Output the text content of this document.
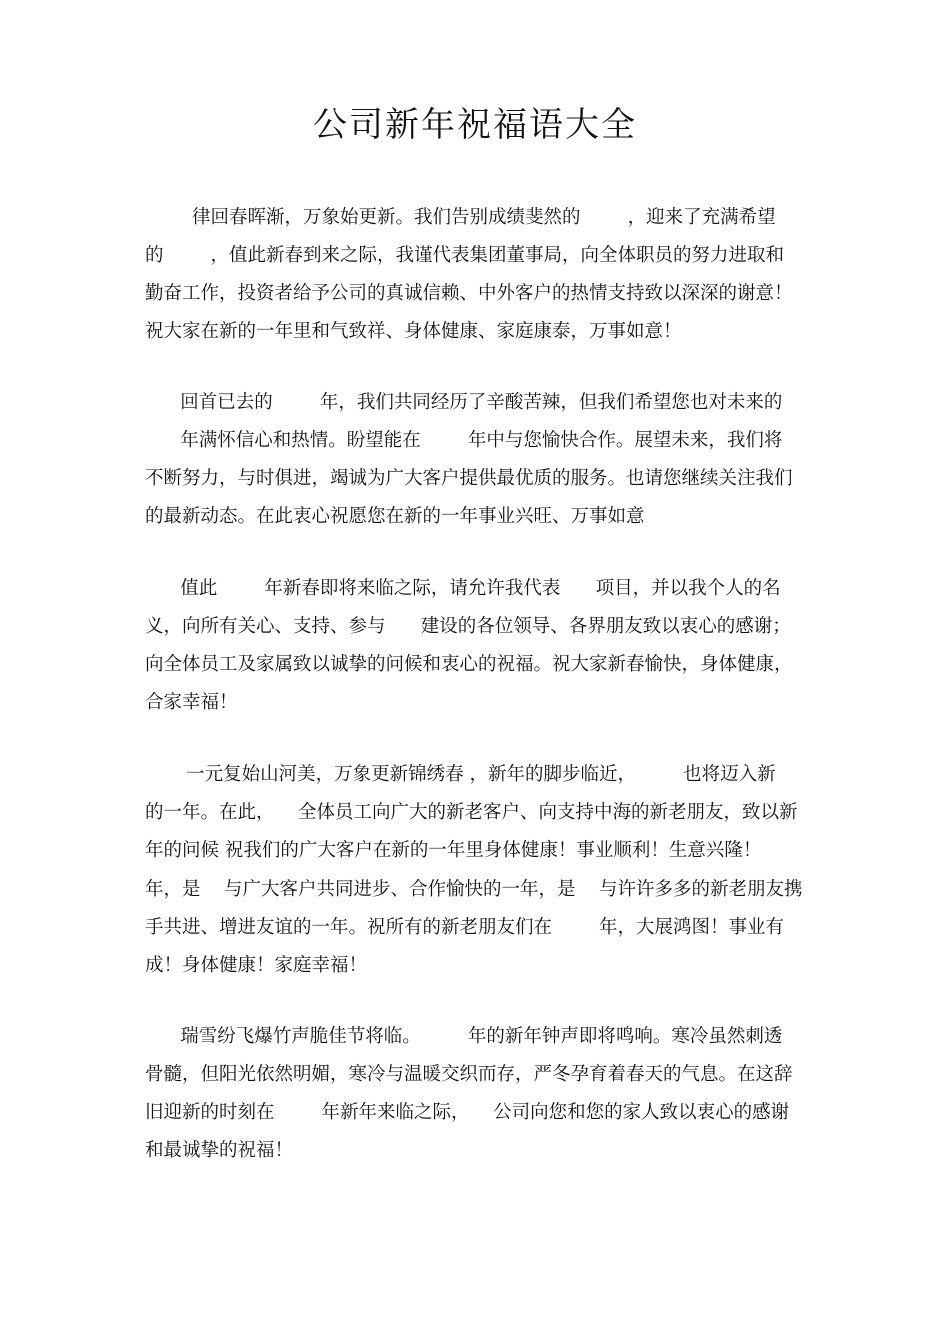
公司新年祝福语大全

律回春晖渐，万象始更新。我们告别成绩斐然的        ，迎来了充满希望

的        ，值此新春到来之际，我谨代表集团董事局，向全体职员的努力进取和

勤奋工作，投资者给予公司的真诚信赖、中外客户的热情支持致以深深的谢意！

祝大家在新的一年里和气致祥、身体健康、家庭康泰，万事如意！

回首已去的        年，我们共同经历了辛酸苦辣，但我们希望您也对未来的

年满怀信心和热情。盼望能在        年中与您愉快合作。展望未来，我们将

不断努力，与时俱进，竭诚为广大客户提供最优质的服务。也请您继续关注我们

的最新动态。在此衷心祝愿您在新的一年事业兴旺、万事如意

值此        年新春即将来临之际，请允许我代表      项目，并以我个人的名

义，向所有关心、支持、参与      建设的各位领导、各界朋友致以衷心的感谢；

向全体员工及家属致以诚挚的问候和衷心的祝福。祝大家新春愉快，身体健康，

合家幸福！

一元复始山河美，万象更新锦绣春 ，新年的脚步临近，        也将迈入新

的一年。在此，    全体员工向广大的新老客户、向支持中海的新老朋友，致以新

年的问候 祝我们的广大客户在新的一年里身体健康！事业顺利！生意兴隆！

年，是    与广大客户共同进步、合作愉快的一年，是    与许许多多的新老朋友携

手共进、增进友谊的一年。祝所有的新老朋友们在        年，大展鸿图！事业有

成！身体健康！家庭幸福！

瑞雪纷飞爆竹声脆佳节将临。        年的新年钟声即将鸣响。寒冷虽然刺透

骨髓，但阳光依然明媚，寒冷与温暖交织而存，严冬孕育着春天的气息。在这辞

旧迎新的时刻在        年新年来临之际，    公司向您和您的家人致以衷心的感谢

和最诚挚的祝福！
